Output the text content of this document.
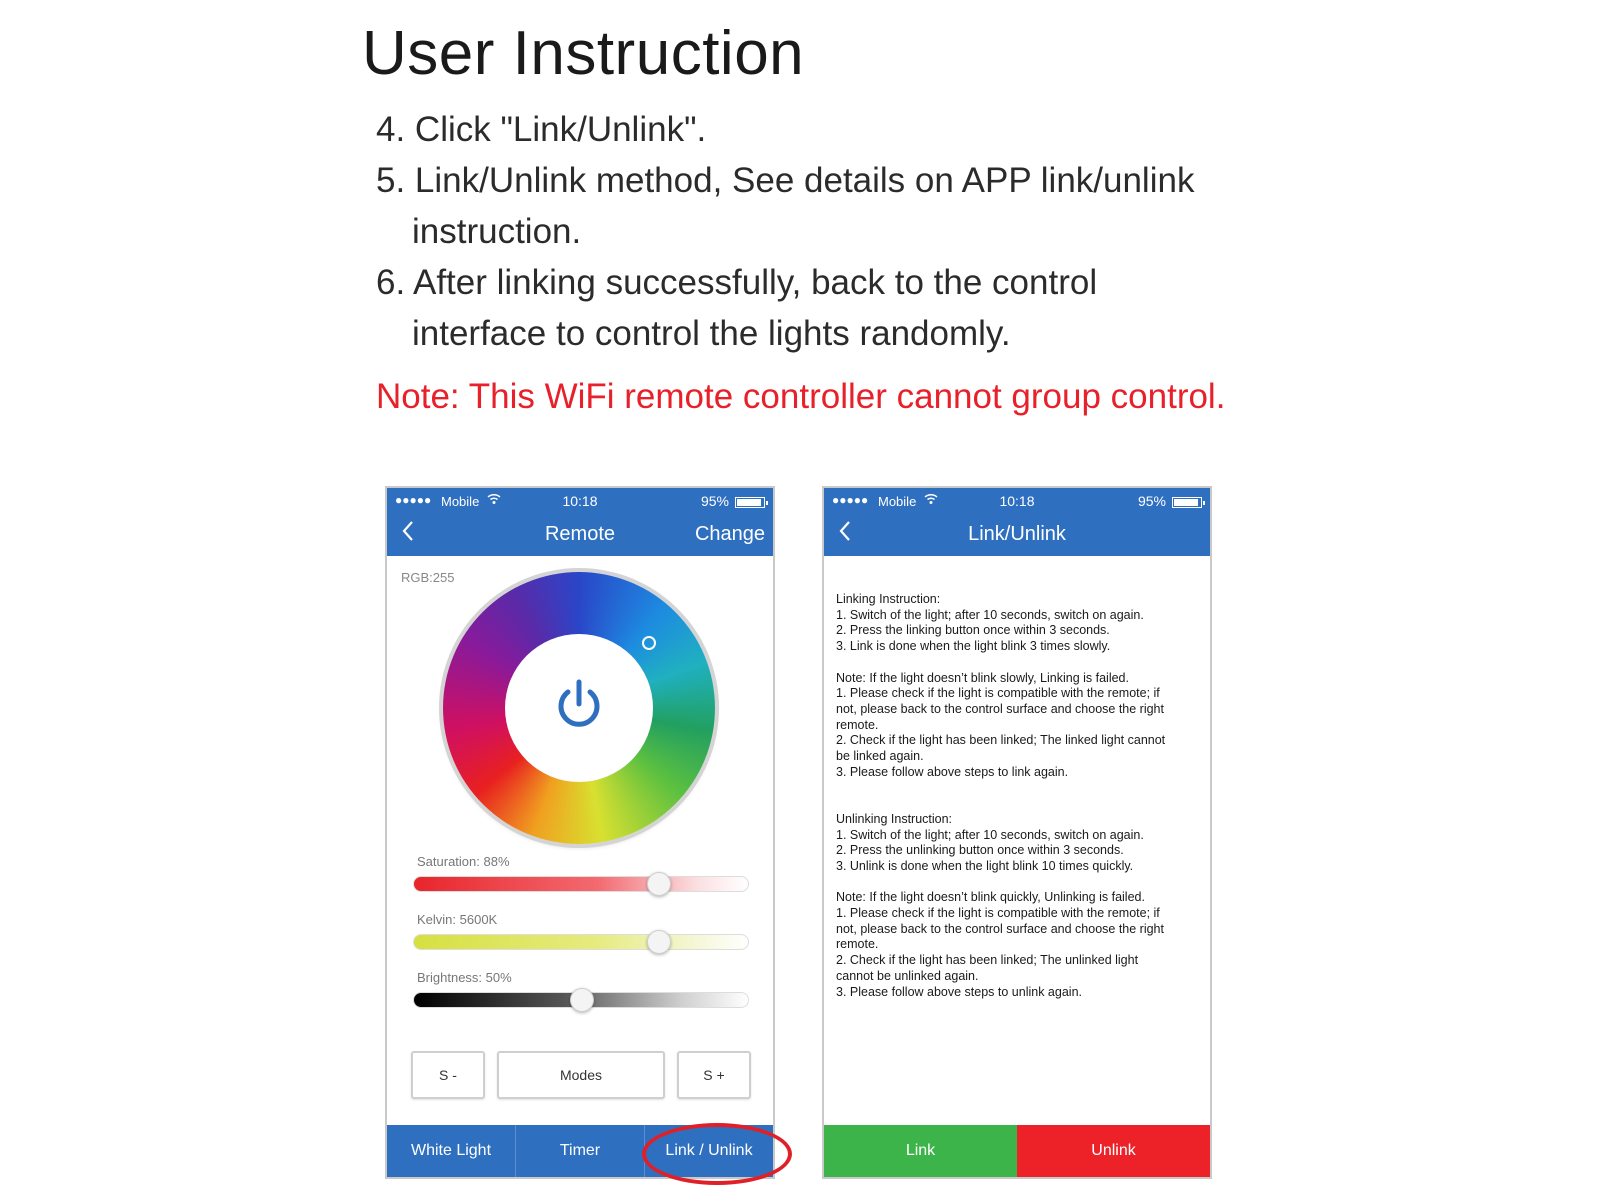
User Instruction
4. Click "Link/Unlink".
5. Link/Unlink method, See details on APP link/unlink
instruction.
6. After linking successfully, back to the control
interface to control the lights randomly.
Note: This WiFi remote controller cannot group control.
●●●●● Mobile	10:18	95%
Remote	Change
RGB:255
Saturation: 88%
Kelvin: 5600K
Brightness: 50%
S -	Modes	S +
White Light	Timer	Link / Unlink
●●●●● Mobile	10:18	95%
Link/Unlink
Linking Instruction:
1. Switch of the light; after 10 seconds, switch on again.
2. Press the linking button once within 3 seconds.
3. Link is done when the light blink 3 times slowly.

Note: If the light doesn’t blink slowly, Linking is failed.
1. Please check if the light is compatible with the remote; if
not, please back to the control surface and choose the right
remote.
2. Check if the light has been linked; The linked light cannot
be linked again.
3. Please follow above steps to link again.

Unlinking Instruction:
1. Switch of the light; after 10 seconds, switch on again.
2. Press the unlinking button once within 3 seconds.
3. Unlink is done when the light blink 10 times quickly.

Note: If the light doesn’t blink quickly, Unlinking is failed.
1. Please check if the light is compatible with the remote; if
not, please back to the control surface and choose the right
remote.
2. Check if the light has been linked; The unlinked light
cannot be unlinked again.
3. Please follow above steps to unlink again.
Link	Unlink
